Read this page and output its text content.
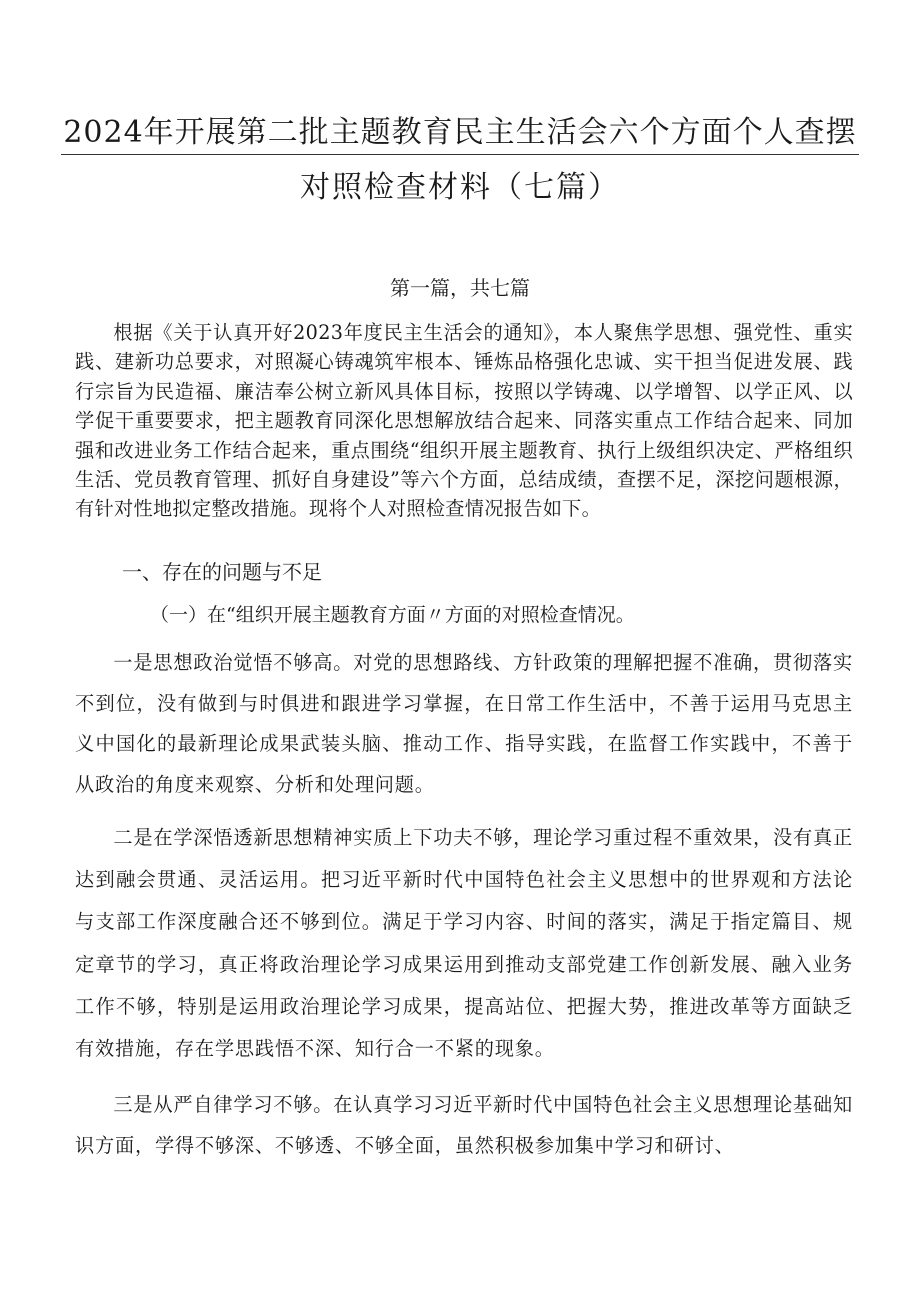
2024年开展第二批主题教育民主生活会六个方面个人查摆
对照检查材料（七篇）
第一篇，共七篇

根据《关于认真开好2023年度民主生活会的通知》，本人聚焦学思想、强党性、重实践、建新功总要求，对照凝心铸魂筑牢根本、锤炼品格强化忠诚、实干担当促进发展、践行宗旨为民造福、廉洁奉公树立新风具体目标，按照以学铸魂、以学增智、以学正风、以学促干重要要求，把主题教育同深化思想解放结合起来、同落实重点工作结合起来、同加强和改进业务工作结合起来，重点围绕“组织开展主题教育、执行上级组织决定、严格组织生活、党员教育管理、抓好自身建设”等六个方面，总结成绩，查摆不足，深挖问题根源，有针对性地拟定整改措施。现将个人对照检查情况报告如下。

一、存在的问题与不足

（一）在“组织开展主题教育方面〃方面的对照检查情况。

一是思想政治觉悟不够高。对党的思想路线、方针政策的理解把握不准确，贯彻落实不到位，没有做到与时俱进和跟进学习掌握，在日常工作生活中，不善于运用马克思主义中国化的最新理论成果武装头脑、推动工作、指导实践，在监督工作实践中，不善于从政治的角度来观察、分析和处理问题。

二是在学深悟透新思想精神实质上下功夫不够，理论学习重过程不重效果，没有真正达到融会贯通、灵活运用。把习近平新时代中国特色社会主义思想中的世界观和方法论与支部工作深度融合还不够到位。满足于学习内容、时间的落实，满足于指定篇目、规定章节的学习，真正将政治理论学习成果运用到推动支部党建工作创新发展、融入业务工作不够，特别是运用政治理论学习成果，提高站位、把握大势，推进改革等方面缺乏有效措施，存在学思践悟不深、知行合一不紧的现象。

三是从严自律学习不够。在认真学习习近平新时代中国特色社会主义思想理论基础知识方面，学得不够深、不够透、不够全面，虽然积极参加集中学习和研讨、
